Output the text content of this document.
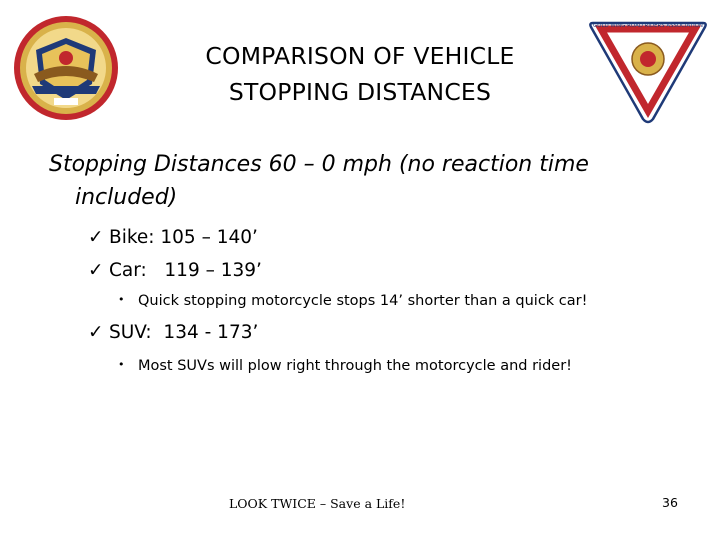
GOLD WING ROAD RIDERS ASSOCIATION
COMPARISON OF VEHICLE
STOPPING DISTANCES
Stopping Distances 60 – 0 mph (no reaction time
included)
✓ Bike: 105 – 140’
✓ Car:   119 – 139’
• Quick stopping motorcycle stops 14’ shorter than a quick car!
✓ SUV:  134 - 173’
• Most SUVs will plow right through the motorcycle and rider!
LOOK TWICE – Save a Life!	36
